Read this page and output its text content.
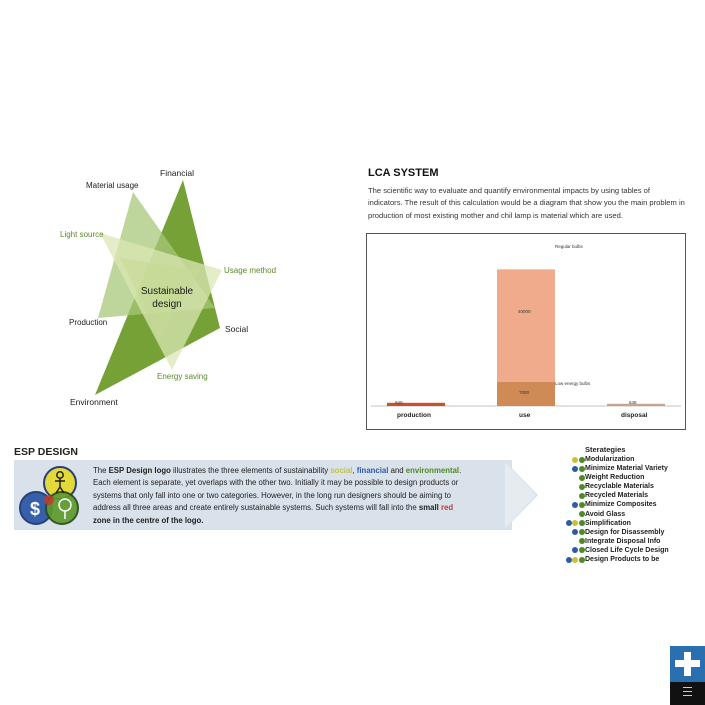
Financial
Material usage
Light source
Usage method
Sustainable
design
Production
Social
Energy saving
Environment
LCA SYSTEM
The scientific way to evaluate and quantify environmental impacts by using tables of indicators. The result of this calculation would be a diagram that show you the main problem in production of most existing mother and chil lamp is material which are used.
Regular bulbs
Low energy bulbs
40000
7000
940	648
production	use	disposal
ESP DESIGN
$
The ESP Design logo illustrates the three elements of sustainability social, financial and environmental. Each element is separate, yet overlaps with the other two. Initially it may be possible to design products or systems that only fall into one or two categories. However, in the long run designers should be aiming to address all three areas and create entirely sustainable systems. Such systems will fall into the small red zone in the centre of the logo.
Sterategies
Modularization
Minimize Material Variety
Weight Reduction
Recyclable Materials
Recycled Materials
Minimize Composites
Avoid Glass
Simplification
Design for Disassembly
Integrate Disposal Info
Closed Life Cycle Design
Design Products to be
▬▬▬
▬▬▬
▬▬▬
